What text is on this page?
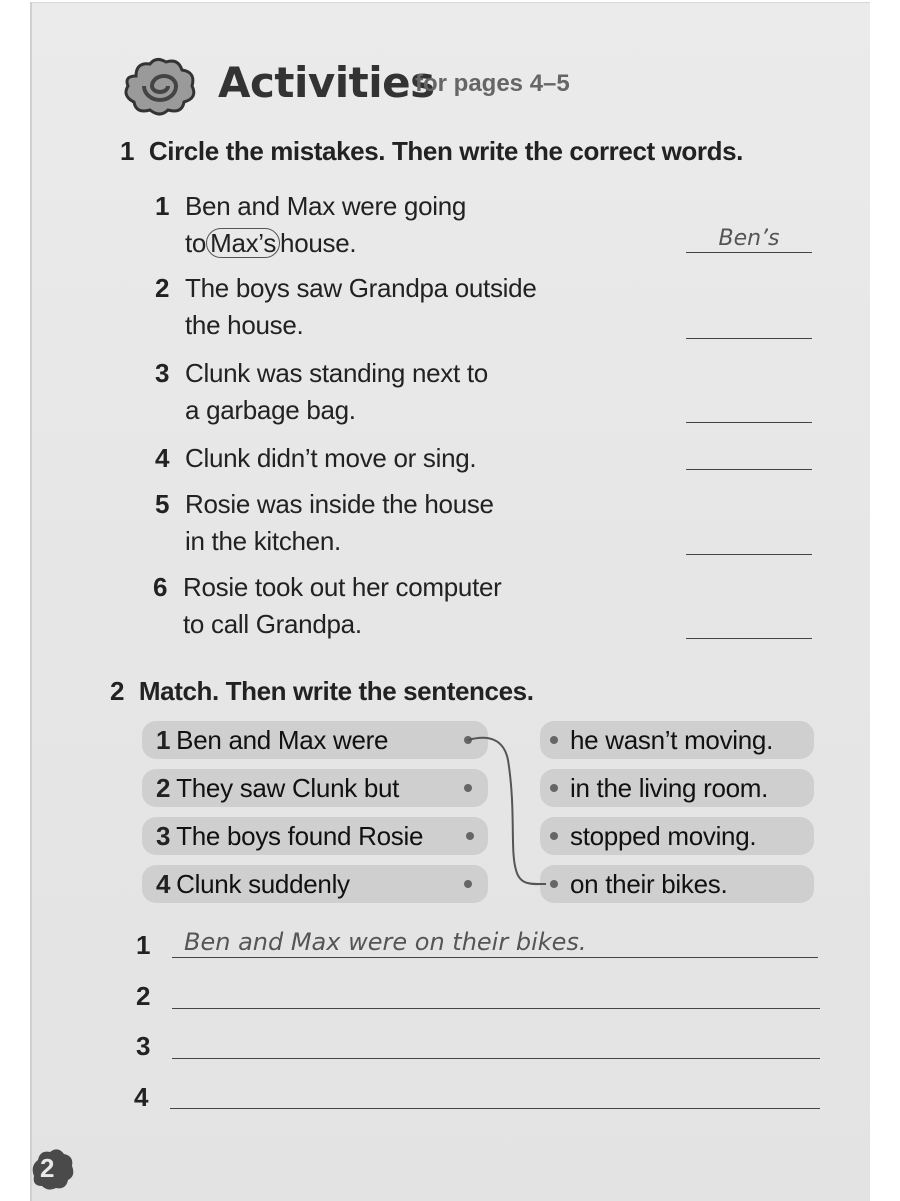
Activities
for pages 4–5
1 Circle the mistakes. Then write the correct words.
1 Ben and Max were going
to Max’s house.	Ben’s
2 The boys saw Grandpa outside
the house.
3 Clunk was standing next to
a garbage bag.
4 Clunk didn’t move or sing.
5 Rosie was inside the house
in the kitchen.
6 Rosie took out her computer
to call Grandpa.
2 Match. Then write the sentences.
1 Ben and Max were
2 They saw Clunk but
3 The boys found Rosie
4 Clunk suddenly
he wasn’t moving.
in the living room.
stopped moving.
on their bikes.
1	Ben and Max were on their bikes.
2
3
4
2
